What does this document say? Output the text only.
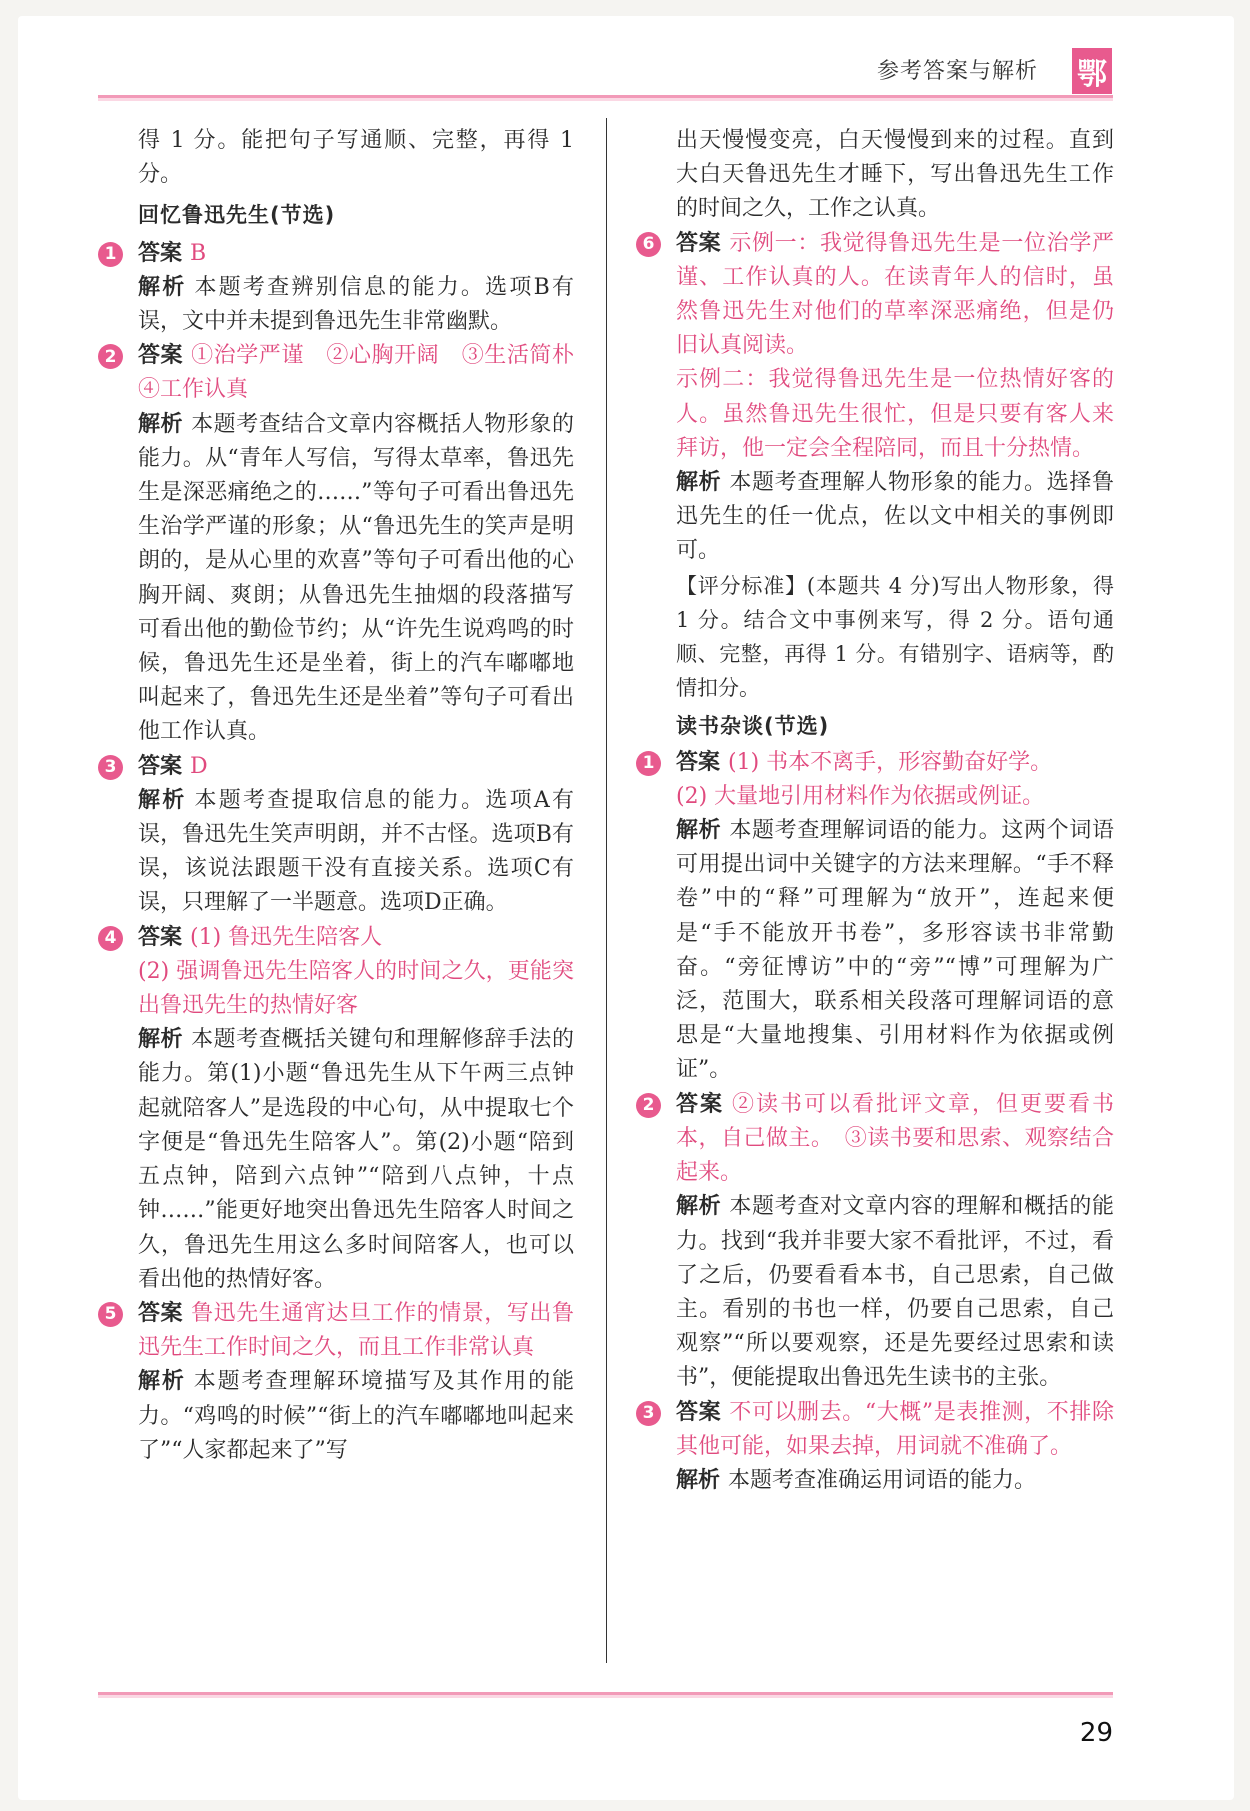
参考答案与解析 鄂

得 1 分。能把句子写通顺、完整，再得 1 分。

回忆鲁迅先生(节选)

1 答案 B

解析 本题考查辨别信息的能力。选项B有误，文中并未提到鲁迅先生非常幽默。

2 答案 ①治学严谨　②心胸开阔　③生活简朴　④工作认真

解析 本题考查结合文章内容概括人物形象的能力。从“青年人写信，写得太草率，鲁迅先生是深恶痛绝之的……”等句子可看出鲁迅先生治学严谨的形象；从“鲁迅先生的笑声是明朗的，是从心里的欢喜”等句子可看出他的心胸开阔、爽朗；从鲁迅先生抽烟的段落描写可看出他的勤俭节约；从“许先生说鸡鸣的时候，鲁迅先生还是坐着，街上的汽车嘟嘟地叫起来了，鲁迅先生还是坐着”等句子可看出他工作认真。

3 答案 D

解析 本题考查提取信息的能力。选项A有误，鲁迅先生笑声明朗，并不古怪。选项B有误，该说法跟题干没有直接关系。选项C有误，只理解了一半题意。选项D正确。

4 答案 (1) 鲁迅先生陪客人

(2) 强调鲁迅先生陪客人的时间之久，更能突出鲁迅先生的热情好客

解析 本题考查概括关键句和理解修辞手法的能力。第(1)小题“鲁迅先生从下午两三点钟起就陪客人”是选段的中心句，从中提取七个字便是“鲁迅先生陪客人”。第(2)小题“陪到五点钟，陪到六点钟”“陪到八点钟，十点钟……”能更好地突出鲁迅先生陪客人时间之久，鲁迅先生用这么多时间陪客人，也可以看出他的热情好客。

5 答案 鲁迅先生通宵达旦工作的情景，写出鲁迅先生工作时间之久，而且工作非常认真

解析 本题考查理解环境描写及其作用的能力。“鸡鸣的时候”“街上的汽车嘟嘟地叫起来了”“人家都起来了”写

出天慢慢变亮，白天慢慢到来的过程。直到大白天鲁迅先生才睡下，写出鲁迅先生工作的时间之久，工作之认真。

6 答案 示例一：我觉得鲁迅先生是一位治学严谨、工作认真的人。在读青年人的信时，虽然鲁迅先生对他们的草率深恶痛绝，但是仍旧认真阅读。

示例二：我觉得鲁迅先生是一位热情好客的人。虽然鲁迅先生很忙，但是只要有客人来拜访，他一定会全程陪同，而且十分热情。

解析 本题考查理解人物形象的能力。选择鲁迅先生的任一优点，佐以文中相关的事例即可。

【评分标准】(本题共 4 分)写出人物形象，得 1 分。结合文中事例来写，得 2 分。语句通顺、完整，再得 1 分。有错别字、语病等，酌情扣分。

读书杂谈(节选)

1 答案 (1) 书本不离手，形容勤奋好学。

(2) 大量地引用材料作为依据或例证。

解析 本题考查理解词语的能力。这两个词语可用提出词中关键字的方法来理解。“手不释卷”中的“释”可理解为“放开”，连起来便是“手不能放开书卷”，多形容读书非常勤奋。“旁征博访”中的“旁”“博”可理解为广泛，范围大，联系相关段落可理解词语的意思是“大量地搜集、引用材料作为依据或例证”。

2 答案 ②读书可以看批评文章，但更要看书本，自己做主。　③读书要和思索、观察结合起来。

解析 本题考查对文章内容的理解和概括的能力。找到“我并非要大家不看批评，不过，看了之后，仍要看看本书，自己思索，自己做主。看别的书也一样，仍要自己思索，自己观察”“所以要观察，还是先要经过思索和读书”，便能提取出鲁迅先生读书的主张。

3 答案 不可以删去。“大概”是表推测，不排除其他可能，如果去掉，用词就不准确了。

解析 本题考查准确运用词语的能力。

29
